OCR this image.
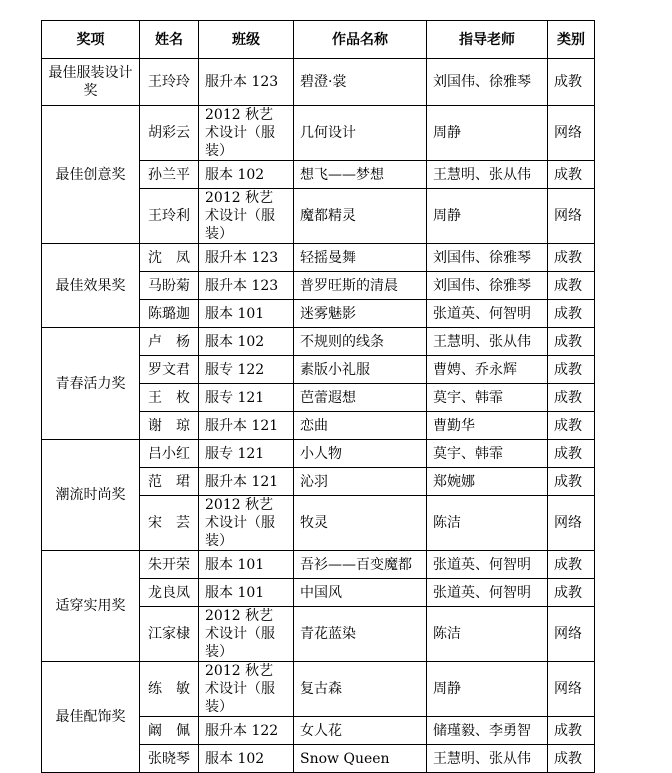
奖项	姓名	班级	作品名称	指导老师	类别
最佳服装设计奖	王玲玲	服升本 123	碧澄·裳	刘国伟、徐雅琴	成教
最佳创意奖	胡彩云	2012 秋艺术设计（服装）	几何设计	周静	网络
	孙兰平	服本 102	想飞——梦想	王慧明、张从伟	成教
	王玲利	2012 秋艺术设计（服装）	魔都精灵	周静	网络
最佳效果奖	沈　凤	服升本 123	轻摇曼舞	刘国伟、徐雅琴	成教
	马盼菊	服升本 123	普罗旺斯的清晨	刘国伟、徐雅琴	成教
	陈璐迦	服本 101	迷雾魅影	张道英、何智明	成教
青春活力奖	卢　杨	服本 102	不规则的线条	王慧明、张从伟	成教
	罗文君	服专 122	素版小礼服	曹娉、乔永辉	成教
	王　枚	服专 121	芭蕾遐想	莫宇、韩霏	成教
	谢　琼	服升本 121	恋曲	曹勤华	成教
潮流时尚奖	吕小红	服专 121	小人物	莫宇、韩霏	成教
	范　珺	服升本 121	沁羽	郑婉娜	成教
	宋　芸	2012 秋艺术设计（服装）	牧灵	陈洁	网络
适穿实用奖	朱开荣	服本 101	吾衫——百变魔都	张道英、何智明	成教
	龙良凤	服本 101	中国风	张道英、何智明	成教
	江家棣	2012 秋艺术设计（服装）	青花蓝染	陈洁	网络
最佳配饰奖	练　敏	2012 秋艺术设计（服装）	复古森	周静	网络
	阚　佩	服升本 122	女人花	储瑾毅、李勇智	成教
	张晓琴	服本 102	Snow Queen	王慧明、张从伟	成教
